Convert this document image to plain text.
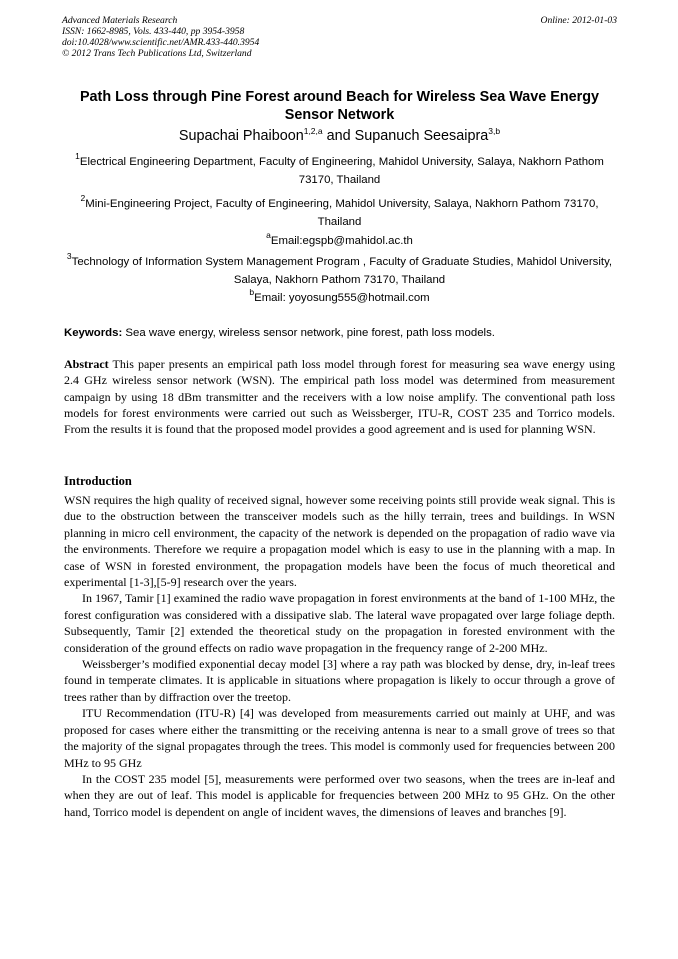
Advanced Materials Research
ISSN: 1662-8985, Vols. 433-440, pp 3954-3958
doi:10.4028/www.scientific.net/AMR.433-440.3954
© 2012 Trans Tech Publications Ltd, Switzerland
Online: 2012-01-03
Path Loss through Pine Forest around Beach for Wireless Sea Wave Energy Sensor Network
Supachai Phaiboon$^{1,2,a}$ and Supanuch Seesaipra$^{3,b}$
$^1$Electrical Engineering Department, Faculty of Engineering, Mahidol University, Salaya, Nakhorn Pathom 73170, Thailand
$^2$Mini-Engineering Project, Faculty of Engineering, Mahidol University, Salaya, Nakhorn Pathom 73170, Thailand
$^a$Email:egspb@mahidol.ac.th
$^3$Technology of Information System Management Program , Faculty of Graduate Studies, Mahidol University, Salaya, Nakhorn Pathom 73170, Thailand
$^b$Email: yoyosung555@hotmail.com
Keywords: Sea wave energy, wireless sensor network, pine forest, path loss models.
Abstract This paper presents an empirical path loss model through forest for measuring sea wave energy using 2.4 GHz wireless sensor network (WSN). The empirical path loss model was determined from measurement campaign by using 18 dBm transmitter and the receivers with a low noise amplify. The conventional path loss models for forest environments were carried out such as Weissberger, ITU-R, COST 235 and Torrico models. From the results it is found that the proposed model provides a good agreement and is used for planning WSN.
Introduction

WSN requires the high quality of received signal, however some receiving points still provide weak signal. This is due to the obstruction between the transceiver models such as the hilly terrain, trees and buildings. In WSN planning in micro cell environment, the capacity of the network is depended on the propagation of radio wave via the environments. Therefore we require a propagation model which is easy to use in the planning with a map. In case of WSN in forested environment, the propagation models have been the focus of much theoretical and experimental [1-3],[5-9] research over the years.

In 1967, Tamir [1] examined the radio wave propagation in forest environments at the band of 1-100 MHz, the forest configuration was considered with a dissipative slab. The lateral wave propagated over large foliage depth. Subsequently, Tamir [2] extended the theoretical study on the propagation in forested environment with the consideration of the ground effects on radio wave propagation in the frequency range of 2-200 MHz.

Weissberger’s modified exponential decay model [3] where a ray path was blocked by dense, dry, in-leaf trees found in temperate climates. It is applicable in situations where propagation is likely to occur through a grove of trees rather than by diffraction over the treetop.

ITU Recommendation (ITU-R) [4] was developed from measurements carried out mainly at UHF, and was proposed for cases where either the transmitting or the receiving antenna is near to a small grove of trees so that the majority of the signal propagates through the trees. This model is commonly used for frequencies between 200 MHz to 95 GHz

In the COST 235 model [5], measurements were performed over two seasons, when the trees are in-leaf and when they are out of leaf. This model is applicable for frequencies between 200 MHz to 95 GHz. On the other hand, Torrico model is dependent on angle of incident waves, the dimensions of leaves and branches [9].
